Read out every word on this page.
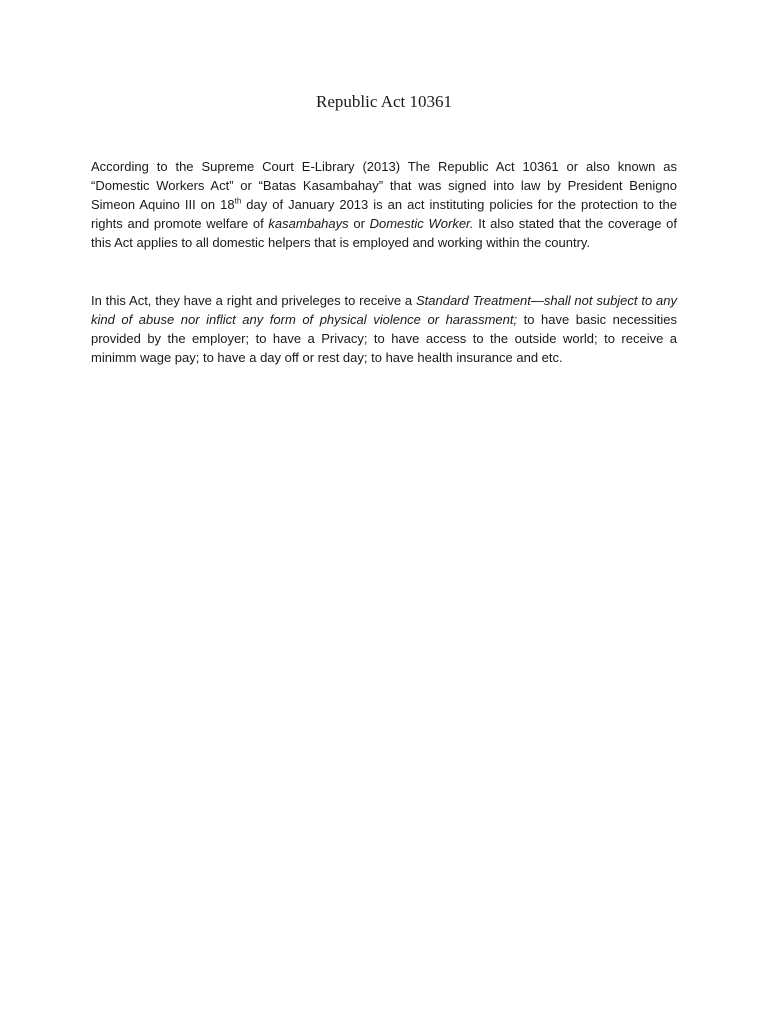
Republic Act 10361

According to the Supreme Court E-Library (2013) The Republic Act 10361 or also known as “Domestic Workers Act” or “Batas Kasambahay” that was signed into law by President Benigno Simeon Aquino III on 18th day of January 2013 is an act instituting policies for the protection to the rights and promote welfare of kasambahays or Domestic Worker. It also stated that the coverage of this Act applies to all domestic helpers that is employed and working within the country.

In this Act, they have a right and priveleges to receive a Standard Treatment—shall not subject to any kind of abuse nor inflict any form of physical violence or harassment; to have basic necessities provided by the employer; to have a Privacy; to have access to the outside world; to receive a minimm wage pay; to have a day off or rest day; to have health insurance and etc.
